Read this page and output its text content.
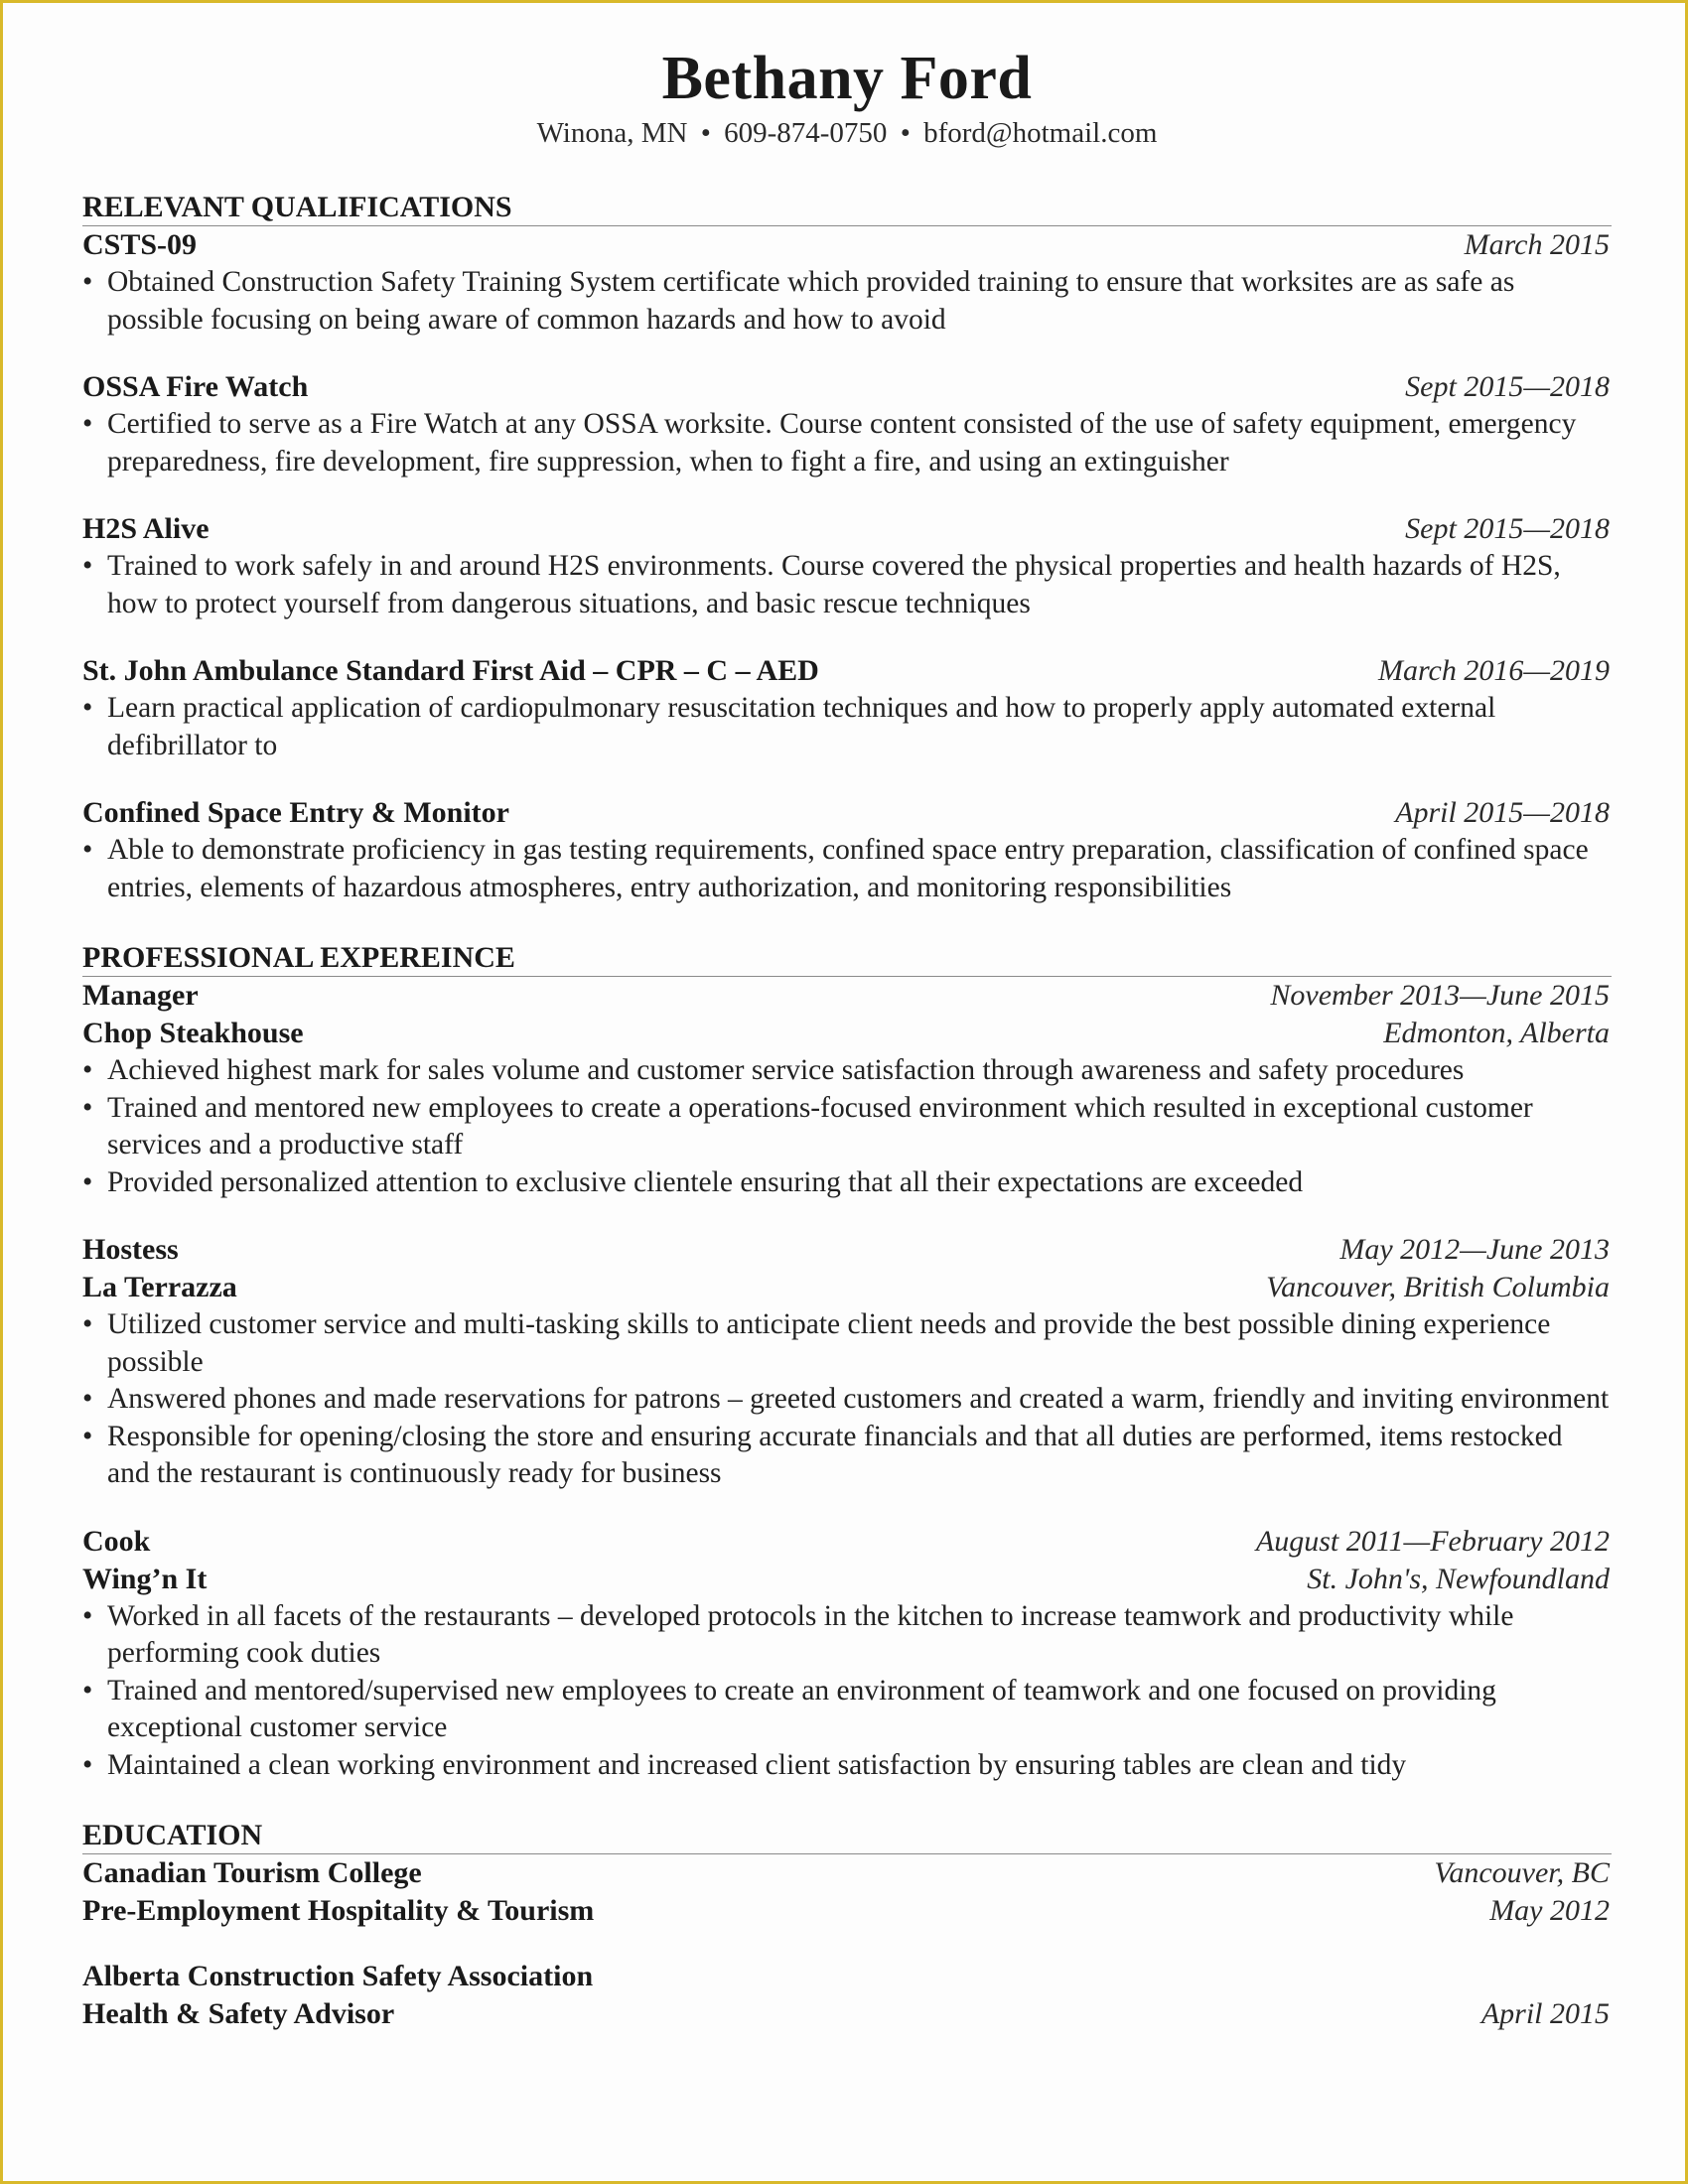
Bethany Ford

Winona, MN • 609-874-0750 • bford@hotmail.com

RELEVANT QUALIFICATIONS
CSTS-09	March 2015
• Obtained Construction Safety Training System certificate which provided training to ensure that worksites are as safe as possible focusing on being aware of common hazards and how to avoid
OSSA Fire Watch	Sept 2015—2018
• Certified to serve as a Fire Watch at any OSSA worksite. Course content consisted of the use of safety equipment, emergency preparedness, fire development, fire suppression, when to fight a fire, and using an extinguisher
H2S Alive	Sept 2015—2018
• Trained to work safely in and around H2S environments. Course covered the physical properties and health hazards of H2S, how to protect yourself from dangerous situations, and basic rescue techniques
St. John Ambulance Standard First Aid – CPR – C – AED	March 2016—2019
• Learn practical application of cardiopulmonary resuscitation techniques and how to properly apply automated external defibrillator to
Confined Space Entry & Monitor	April 2015—2018
• Able to demonstrate proficiency in gas testing requirements, confined space entry preparation, classification of confined space entries, elements of hazardous atmospheres, entry authorization, and monitoring responsibilities
PROFESSIONAL EXPEREINCE
Manager	November 2013—June 2015
Chop Steakhouse	Edmonton, Alberta
• Achieved highest mark for sales volume and customer service satisfaction through awareness and safety procedures
• Trained and mentored new employees to create a operations-focused environment which resulted in exceptional customer services and a productive staff
• Provided personalized attention to exclusive clientele ensuring that all their expectations are exceeded
Hostess	May 2012—June 2013
La Terrazza	Vancouver, British Columbia
• Utilized customer service and multi-tasking skills to anticipate client needs and provide the best possible dining experience possible
• Answered phones and made reservations for patrons – greeted customers and created a warm, friendly and inviting environment
• Responsible for opening/closing the store and ensuring accurate financials and that all duties are performed, items restocked and the restaurant is continuously ready for business
Cook	August 2011—February 2012
Wing’n It	St. John's, Newfoundland
• Worked in all facets of the restaurants – developed protocols in the kitchen to increase teamwork and productivity while performing cook duties
• Trained and mentored/supervised new employees to create an environment of teamwork and one focused on providing exceptional customer service
• Maintained a clean working environment and increased client satisfaction by ensuring tables are clean and tidy
EDUCATION
Canadian Tourism College	Vancouver, BC
Pre-Employment Hospitality & Tourism	May 2012
Alberta Construction Safety Association
Health & Safety Advisor	April 2015
